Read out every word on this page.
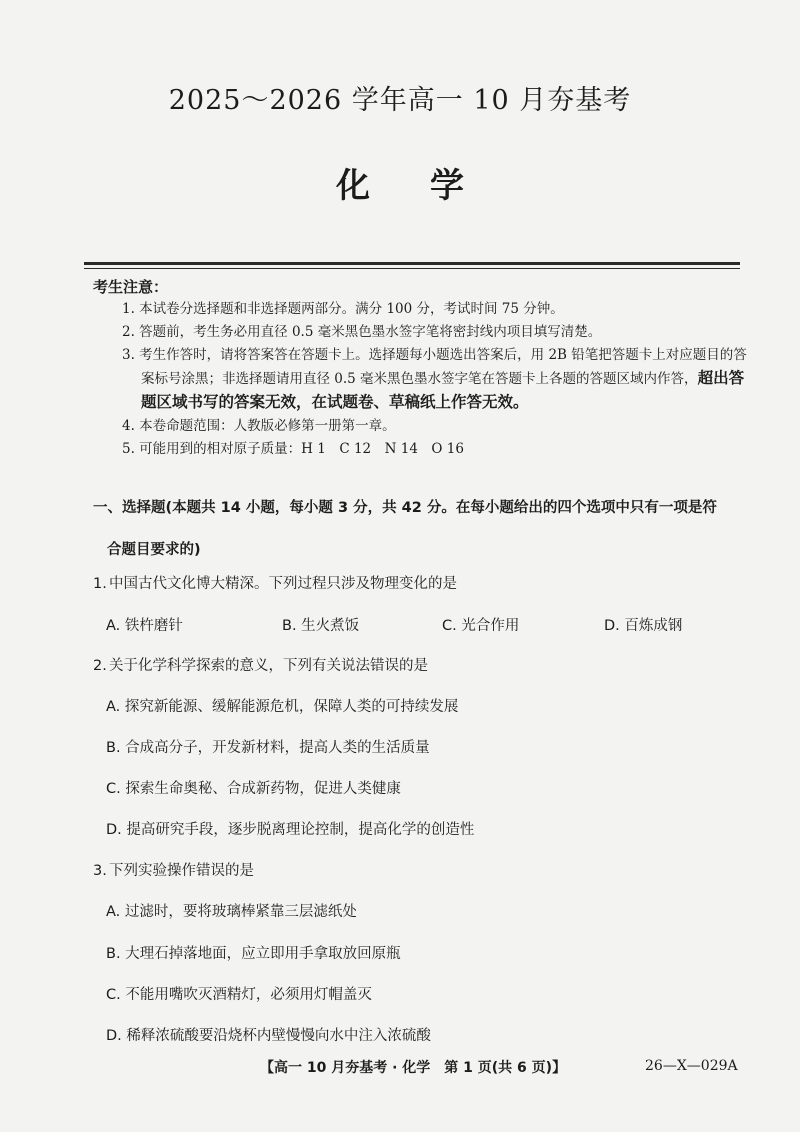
2025～2026 学年高一 10 月夯基考
化学
考生注意：

1. 本试卷分选择题和非选择题两部分。满分 100 分，考试时间 75 分钟。

2. 答题前，考生务必用直径 0.5 毫米黑色墨水签字笔将密封线内项目填写清楚。

3. 考生作答时，请将答案答在答题卡上。选择题每小题选出答案后，用 2B 铅笔把答题卡上对应题目的答案标号涂黑；非选择题请用直径 0.5 毫米黑色墨水签字笔在答题卡上各题的答题区域内作答，超出答题区域书写的答案无效，在试题卷、草稿纸上作答无效。

4. 本卷命题范围：人教版必修第一册第一章。

5. 可能用到的相对原子质量：H 1　C 12　N 14　O 16

一、选择题(本题共 14 小题，每小题 3 分，共 42 分。在每小题给出的四个选项中只有一项是符
合题目要求的)
1. 中国古代文化博大精深。下列过程只涉及物理变化的是
A. 铁杵磨针	B. 生火煮饭	C. 光合作用	D. 百炼成钢
2. 关于化学科学探索的意义，下列有关说法错误的是
A. 探究新能源、缓解能源危机，保障人类的可持续发展
B. 合成高分子，开发新材料，提高人类的生活质量
C. 探索生命奥秘、合成新药物，促进人类健康
D. 提高研究手段，逐步脱离理论控制，提高化学的创造性
3. 下列实验操作错误的是
A. 过滤时，要将玻璃棒紧靠三层滤纸处
B. 大理石掉落地面，应立即用手拿取放回原瓶
C. 不能用嘴吹灭酒精灯，必须用灯帽盖灭
D. 稀释浓硫酸要沿烧杯内壁慢慢向水中注入浓硫酸
【高一 10 月夯基考 · 化学　第 1 页(共 6 页)】	26—X—029A
